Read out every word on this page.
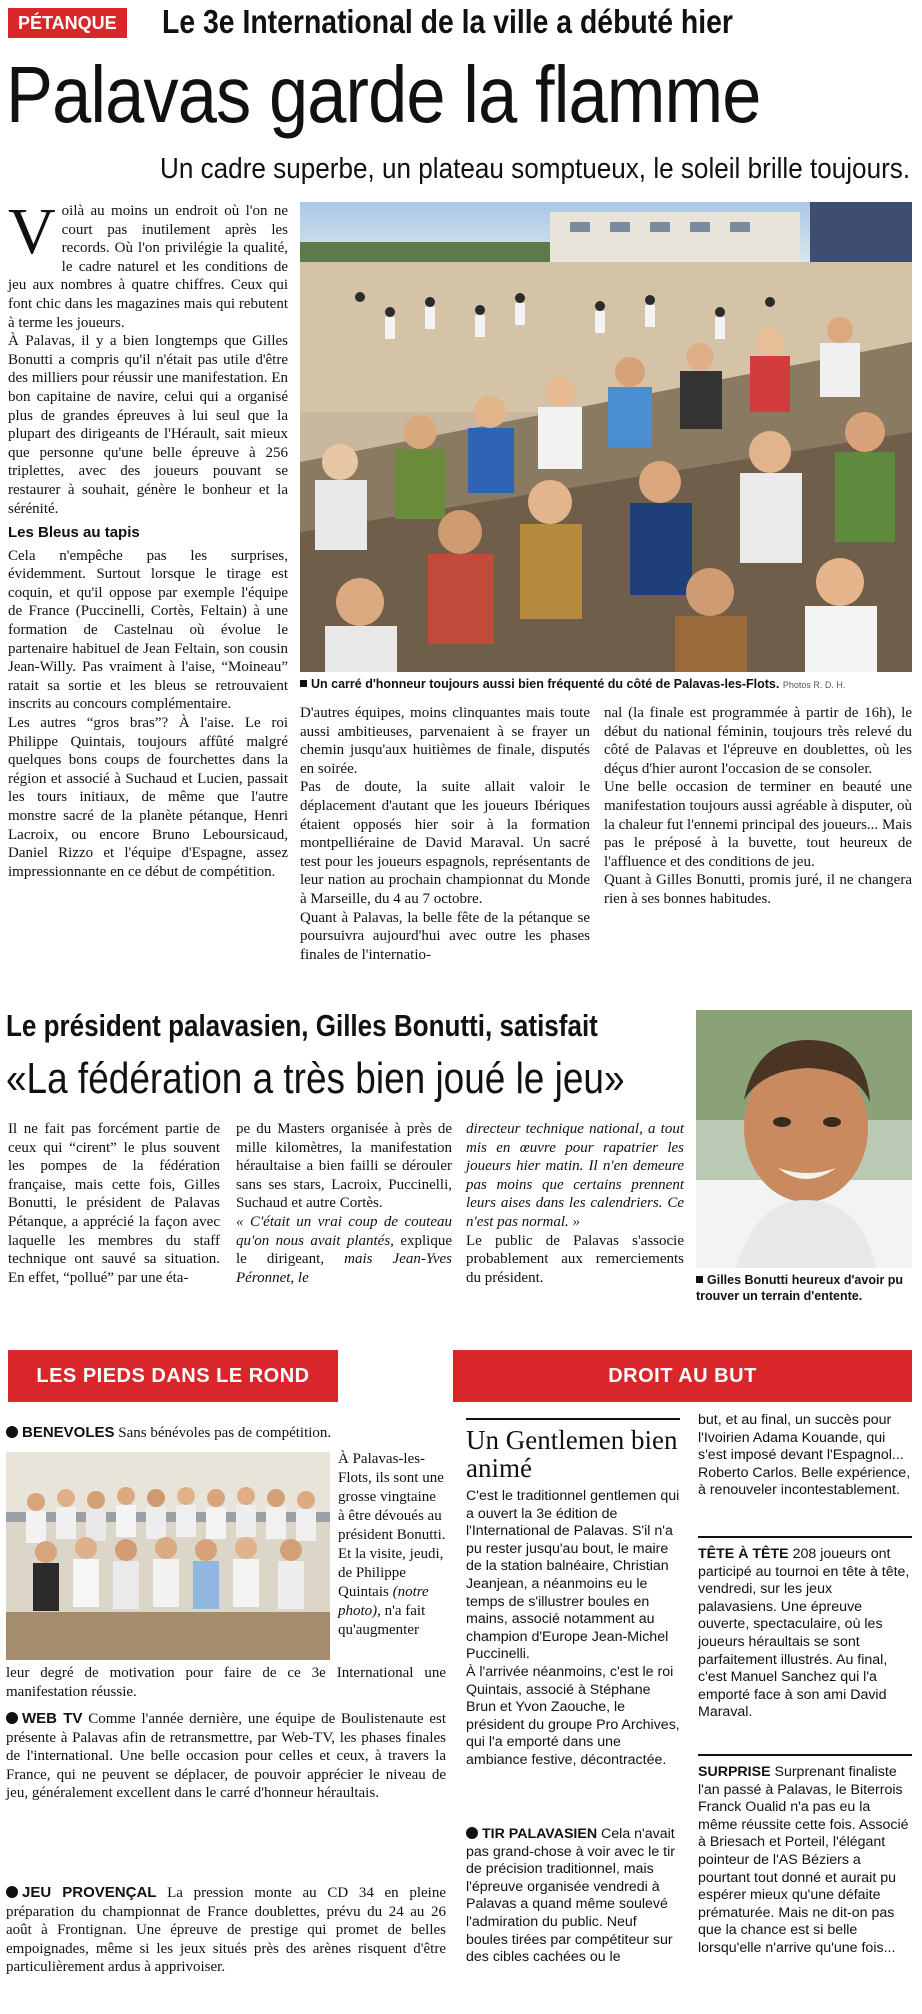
PÉTANQUE	Le 3e International de la ville a débuté hier
Palavas garde la flamme
Un cadre superbe, un plateau somptueux, le soleil brille toujours.
V oilà au moins un endroit où l'on ne court pas inutilement après les records. Où l'on privilégie la qualité, le cadre naturel et les conditions de jeu aux nombres à quatre chiffres. Ceux qui font chic dans les magazines mais qui rebutent à terme les joueurs.

À Palavas, il y a bien longtemps que Gilles Bonutti a compris qu'il n'était pas utile d'être des milliers pour réussir une manifestation. En bon capitaine de navire, celui qui a organisé plus de grandes épreuves à lui seul que la plupart des dirigeants de l'Hérault, sait mieux que personne qu'une belle épreuve à 256 triplettes, avec des joueurs pouvant se restaurer à souhait, génère le bonheur et la sérénité.

Les Bleus au tapis

Cela n'empêche pas les surprises, évidemment. Surtout lorsque le tirage est coquin, et qu'il oppose par exemple l'équipe de France (Puccinelli, Cortès, Feltain) à une formation de Castelnau où évolue le partenaire habituel de Jean Feltain, son cousin Jean-Willy. Pas vraiment à l'aise, “Moineau” ratait sa sortie et les bleus se retrouvaient inscrits au concours complémentaire.

Les autres “gros bras”? À l'aise. Le roi Philippe Quintais, toujours affûté malgré quelques bons coups de fourchettes dans la région et associé à Suchaud et Lucien, passait les tours initiaux, de même que l'autre monstre sacré de la planète pétanque, Henri Lacroix, ou encore Bruno Leboursicaud, Daniel Rizzo et l'équipe d'Espagne, assez impressionnante en ce début de compétition.

Un carré d'honneur toujours aussi bien fréquenté du côté de Palavas-les-Flots. Photos R. D. H.

D'autres équipes, moins clinquantes mais toute aussi ambitieuses, parvenaient à se frayer un chemin jusqu'aux huitièmes de finale, disputés en soirée.

Pas de doute, la suite allait valoir le déplacement d'autant que les joueurs Ibériques étaient opposés hier soir à la formation montpelliéraine de David Maraval. Un sacré test pour les joueurs espagnols, représentants de leur nation au prochain championnat du Monde à Marseille, du 4 au 7 octobre.

Quant à Palavas, la belle fête de la pétanque se poursuivra aujourd'hui avec outre les phases finales de l'internatio-

nal (la finale est programmée à partir de 16h), le début du national féminin, toujours très relevé du côté de Palavas et l'épreuve en doublettes, où les déçus d'hier auront l'occasion de se consoler.

Une belle occasion de terminer en beauté une manifestation toujours aussi agréable à disputer, où la chaleur fut l'ennemi principal des joueurs... Mais pas le préposé à la buvette, tout heureux de l'affluence et des conditions de jeu.

Quant à Gilles Bonutti, promis juré, il ne changera rien à ses bonnes habitudes.

Le président palavasien, Gilles Bonutti, satisfait
«La fédération a très bien joué le jeu»

Il ne fait pas forcément partie de ceux qui “cirent” le plus souvent les pompes de la fédération française, mais cette fois, Gilles Bonutti, le président de Palavas Pétanque, a apprécié la façon avec laquelle les membres du staff technique ont sauvé sa situation. En effet, “pollué” par une éta-

pe du Masters organisée à près de mille kilomètres, la manifestation héraultaise a bien failli se dérouler sans ses stars, Lacroix, Puccinelli, Suchaud et autre Cortès.

« C'était un vrai coup de couteau qu'on nous avait plantés, explique le dirigeant, mais Jean-Yves Péronnet, le

directeur technique national, a tout mis en œuvre pour rapatrier les joueurs hier matin. Il n'en demeure pas moins que certains prennent leurs aises dans les calendriers. Ce n'est pas normal. »

Le public de Palavas s'associe probablement aux remerciements du président.	Gilles Bonutti heureux d'avoir pu trouver un terrain d'entente.
LES PIEDS DANS LE ROND	DROIT AU BUT
BENEVOLES Sans bénévoles pas de compétition.
À Palavas-les-Flots, ils sont une grosse vingtaine à être dévoués au président Bonutti. Et la visite, jeudi, de Philippe Quintais (notre photo), n'a fait qu'augmenter

leur degré de motivation pour faire de ce 3e International une manifestation réussie.

WEB TV Comme l'année dernière, une équipe de Boulistenaute est présente à Palavas afin de retransmettre, par Web-TV, les phases finales de l'international. Une belle occasion pour celles et ceux, à travers la France, qui ne peuvent se déplacer, de pouvoir apprécier le niveau de jeu, généralement excellent dans le carré d'honneur héraultais.
JEU PROVENÇAL La pression monte au CD 34 en pleine préparation du championnat de France doublettes, prévu du 24 au 26 août à Frontignan. Une épreuve de prestige qui promet de belles empoignades, même si les jeux situés près des arènes risquent d'être particulièrement ardus à apprivoiser.
Un Gentlemen bien animé

C'est le traditionnel gentlemen qui a ouvert la 3e édition de l'International de Palavas. S'il n'a pu rester jusqu'au bout, le maire de la station balnéaire, Christian Jeanjean, a néanmoins eu le temps de s'illustrer boules en mains, associé notamment au champion d'Europe Jean-Michel Puccinelli.

À l'arrivée néanmoins, c'est le roi Quintais, associé à Stéphane Brun et Yvon Zaouche, le président du groupe Pro Archives, qui l'a emporté dans une ambiance festive, décontractée.

TIR PALAVASIEN Cela n'avait pas grand-chose à voir avec le tir de précision traditionnel, mais l'épreuve organisée vendredi à Palavas a quand même soulevé l'admiration du public. Neuf boules tirées par compétiteur sur des cibles cachées ou le

but, et au final, un succès pour l'Ivoirien Adama Kouande, qui s'est imposé devant l'Espagnol... Roberto Carlos. Belle expérience, à renouveler incontestablement.

TÊTE À TÊTE 208 joueurs ont participé au tournoi en tête à tête, vendredi, sur les jeux palavasiens. Une épreuve ouverte, spectaculaire, où les joueurs héraultais se sont parfaitement illustrés. Au final, c'est Manuel Sanchez qui l'a emporté face à son ami David Maraval.
SURPRISE Surprenant finaliste l'an passé à Palavas, le Biterrois Franck Oualid n'a pas eu la même réussite cette fois. Associé à Briesach et Porteil, l'élégant pointeur de l'AS Béziers a pourtant tout donné et aurait pu espérer mieux qu'une défaite prématurée. Mais ne dit-on pas que la chance est si belle lorsqu'elle n'arrive qu'une fois...
